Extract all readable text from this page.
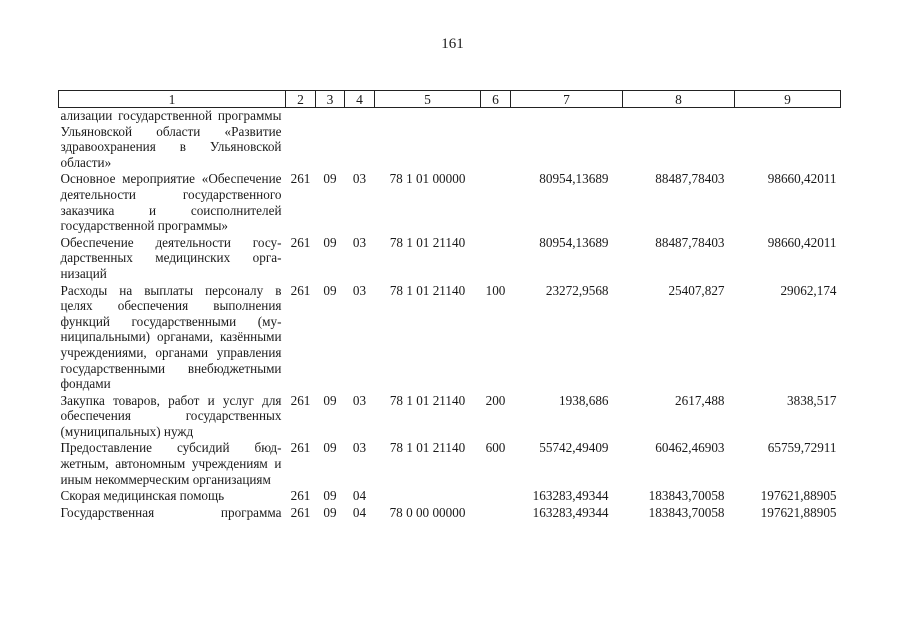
161
1	2	3	4	5	6	7	8	9
ализации государственной программы Ульяновской области «Развитие здравоохранения в Ульяновской области»								
Основное мероприятие «Обеспечение деятельности государственного заказчика и соисполнителей государственной программы»	261	09	03	78 1 01 00000		80954,13689	88487,78403	98660,42011
Обеспечение деятельности государственных медицинских организаций	261	09	03	78 1 01 21140		80954,13689	88487,78403	98660,42011
Расходы на выплаты персоналу в целях обеспечения выполнения функций государственными (муниципальными) органами, казёнными учреждениями, органами управления государственными внебюджетными фондами	261	09	03	78 1 01 21140	100	23272,9568	25407,827	29062,174
Закупка товаров, работ и услуг для обеспечения государственных (муниципальных) нужд	261	09	03	78 1 01 21140	200	1938,686	2617,488	3838,517
Предоставление субсидий бюджетным, автономным учреждениям и иным некоммерческим организациям	261	09	03	78 1 01 21140	600	55742,49409	60462,46903	65759,72911
Скорая медицинская помощь	261	09	04			163283,49344	183843,70058	197621,88905
Государственная программа	261	09	04	78 0 00 00000		163283,49344	183843,70058	197621,88905
